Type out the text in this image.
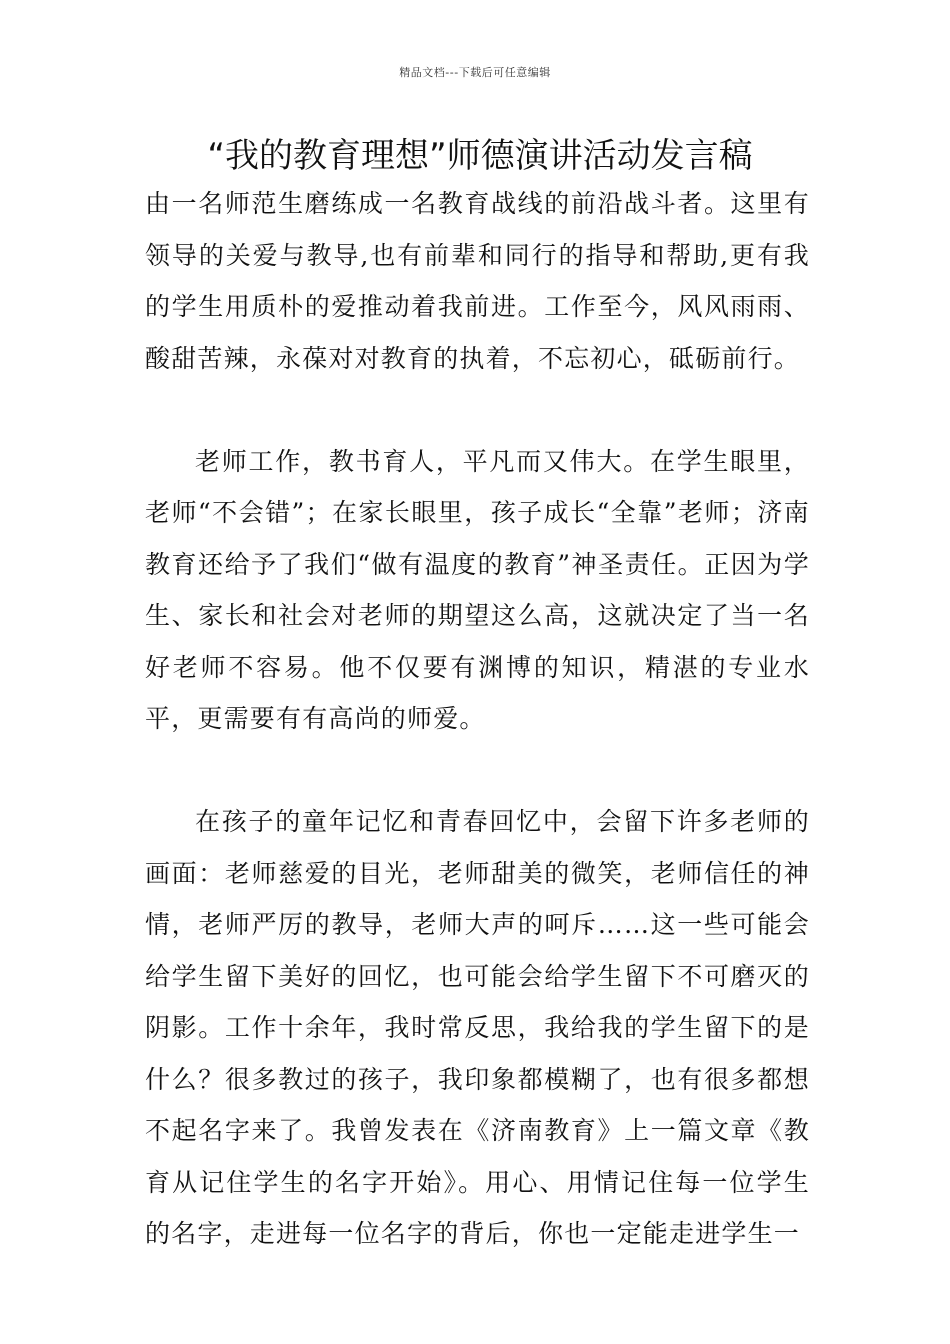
精品文档---下载后可任意编辑
“我的教育理想”师德演讲活动发言稿

由一名师范生磨练成一名教育战线的前沿战斗者。这里有领导的关爱与教导,也有前辈和同行的指导和帮助,更有我的学生用质朴的爱推动着我前进。工作至今，风风雨雨、酸甜苦辣，永葆对对教育的执着，不忘初心，砥砺前行。

老师工作，教书育人，平凡而又伟大。在学生眼里，老师“不会错”；在家长眼里，孩子成长“全靠”老师；济南教育还给予了我们“做有温度的教育”神圣责任。正因为学生、家长和社会对老师的期望这么高，这就决定了当一名好老师不容易。他不仅要有渊博的知识，精湛的专业水平，更需要有有高尚的师爱。

在孩子的童年记忆和青春回忆中，会留下许多老师的画面：老师慈爱的目光，老师甜美的微笑，老师信任的神情，老师严厉的教导，老师大声的呵斥……这一些可能会给学生留下美好的回忆，也可能会给学生留下不可磨灭的阴影。工作十余年，我时常反思，我给我的学生留下的是什么？很多教过的孩子，我印象都模糊了，也有很多都想不起名字来了。我曾发表在《济南教育》上一篇文章《教育从记住学生的名字开始》。用心、用情记住每一位学生的名字，走进每一位名字的背后，你也一定能走进学生一
